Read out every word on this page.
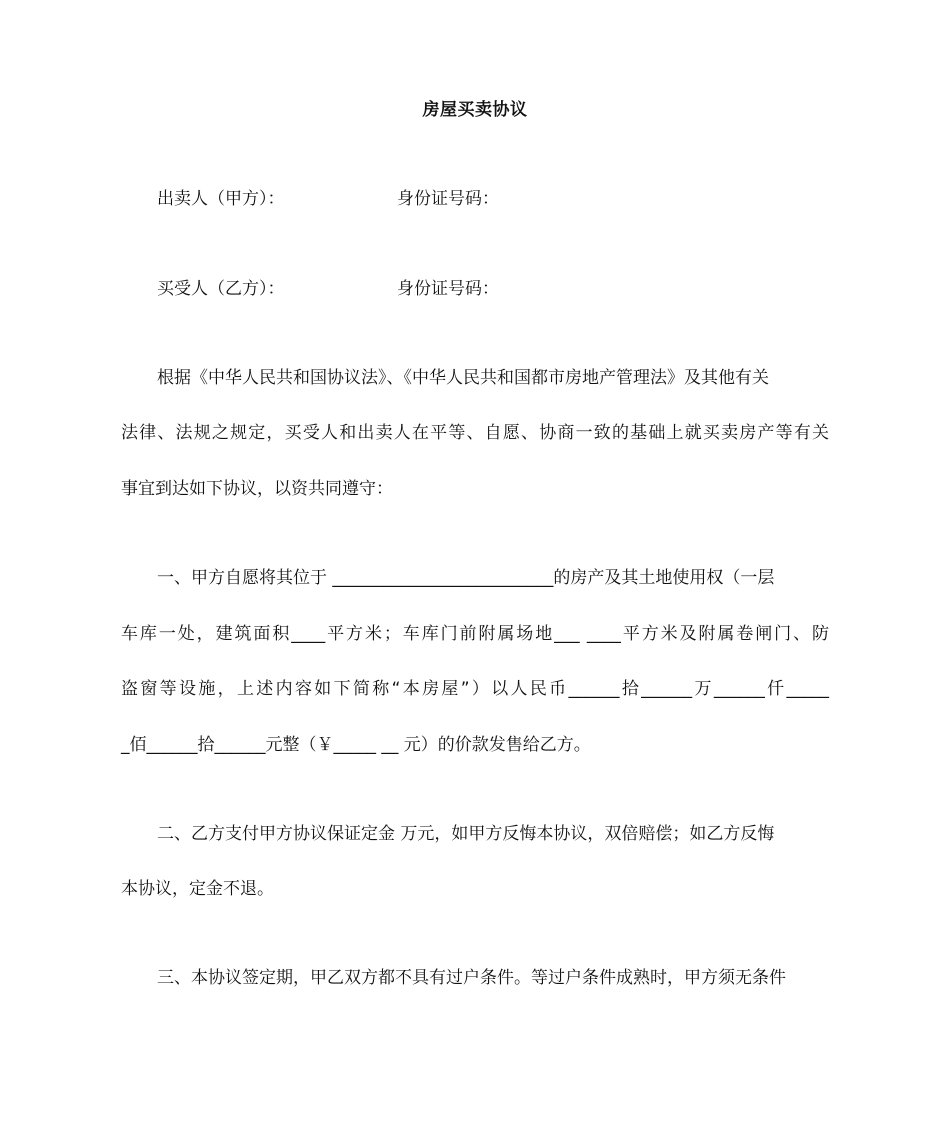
房屋买卖协议
出卖人（甲方）：	身份证号码：
买受人（乙方）：	身份证号码：
根据《中华人民共和国协议法》、《中华人民共和国都市房地产管理法》及其他有关
法律、法规之规定，买受人和出卖人在平等、自愿、协商一致的基础上就买卖房产等有关
事宜到达如下协议，以资共同遵守：
一、甲方自愿将其位于 __________________________的房产及其土地使用权（一层
车库一处，建筑面积____平方米；车库门前附属场地___ ____平方米及附属卷闸门、防
盗窗等设施，上述内容如下简称“本房屋”）以人民币______拾______万______仟_____
_佰______拾______元整（￥_____ __ 元）的价款发售给乙方。
二、乙方支付甲方协议保证定金 万元，如甲方反悔本协议，双倍赔偿；如乙方反悔
本协议，定金不退。
三、本协议签定期，甲乙双方都不具有过户条件。等过户条件成熟时，甲方须无条件
